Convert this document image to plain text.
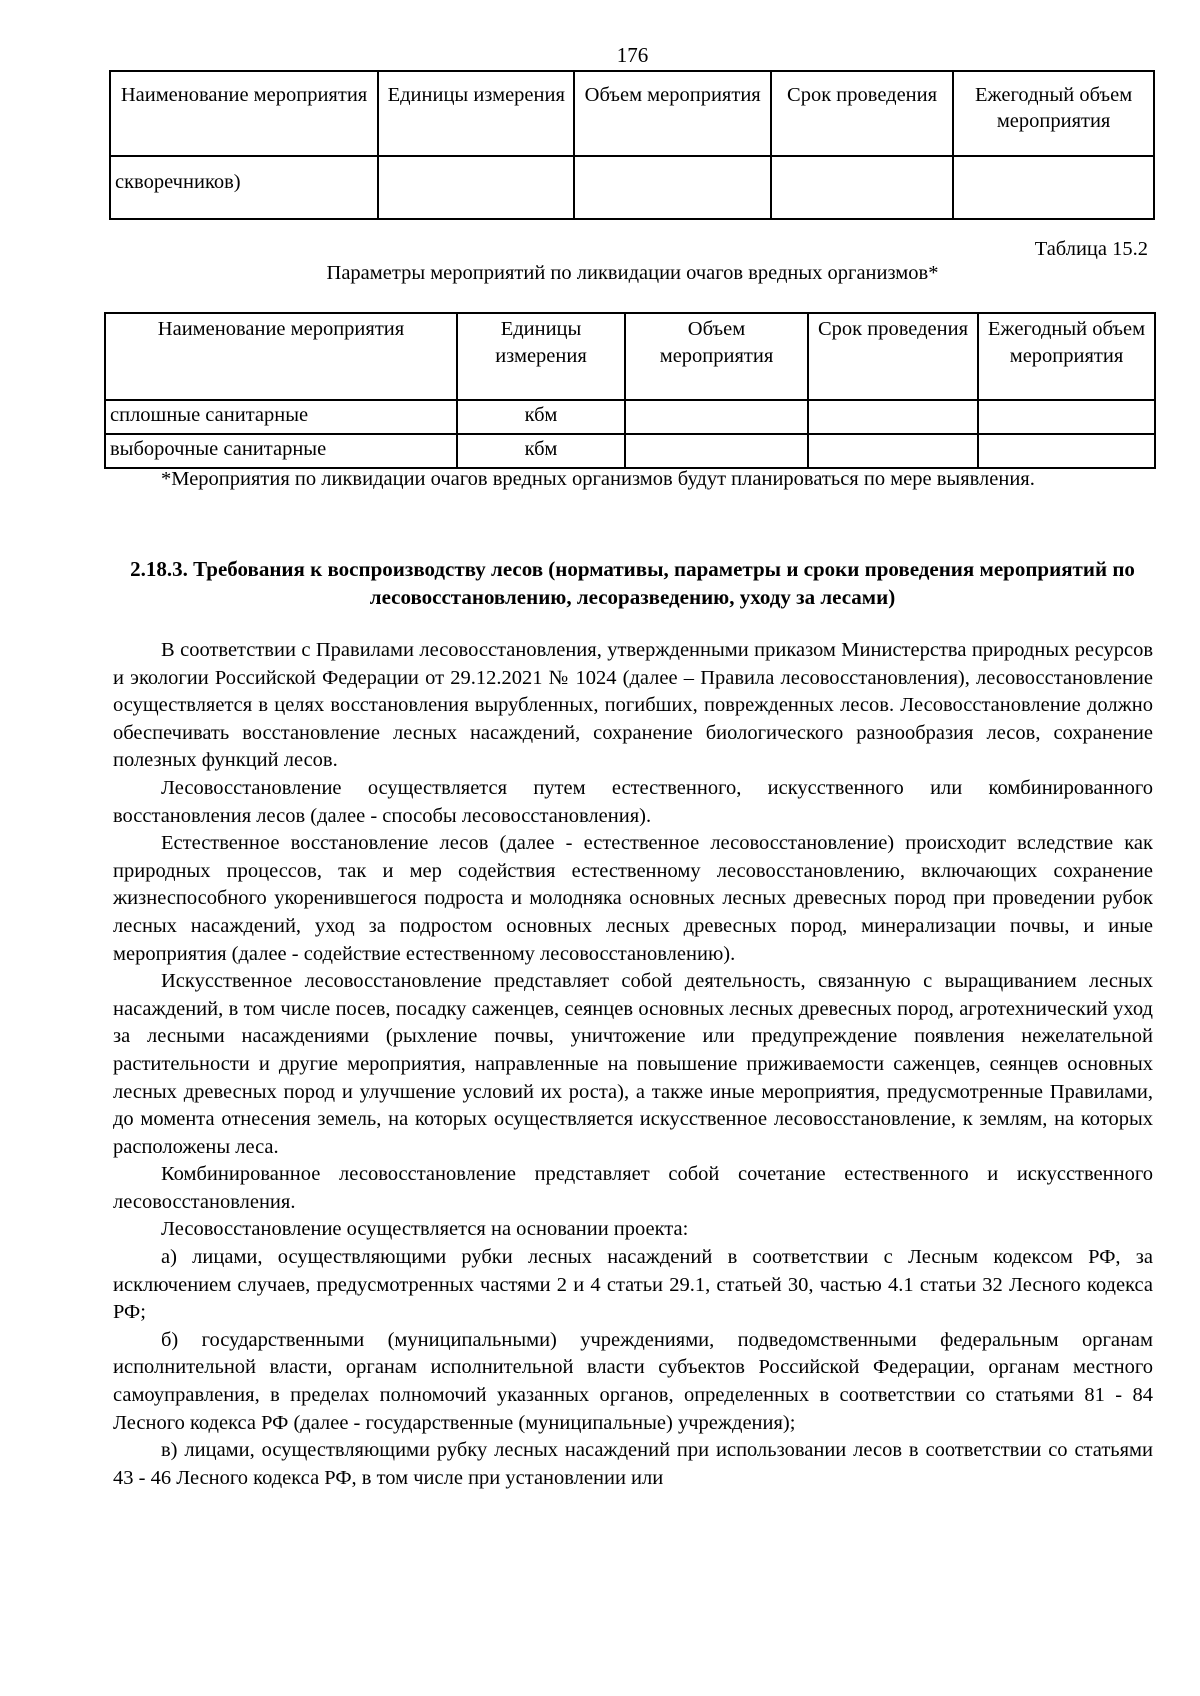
176
Наименование мероприятия	Единицы измерения	Объем мероприятия	Срок проведения	Ежегодный объем мероприятия
скворечников)				
Таблица 15.2
Параметры мероприятий по ликвидации очагов вредных организмов*
Наименование мероприятия	Единицы измерения	Объем мероприятия	Срок проведения	Ежегодный объем мероприятия
сплошные санитарные	кбм			
выборочные санитарные	кбм			
*Мероприятия по ликвидации очагов вредных организмов будут планироваться по мере выявления.
2.18.3. Требования к воспроизводству лесов (нормативы, параметры и сроки проведения мероприятий по лесовосстановлению, лесоразведению, уходу за лесами)

В соответствии с Правилами лесовосстановления, утвержденными приказом Министерства природных ресурсов и экологии Российской Федерации от 29.12.2021 № 1024 (далее – Правила лесовосстановления), лесовосстановление осуществляется в целях восстановления вырубленных, погибших, поврежденных лесов. Лесовосстановление должно обеспечивать восстановление лесных насаждений, сохранение биологического разнообразия лесов, сохранение полезных функций лесов.

Лесовосстановление осуществляется путем естественного, искусственного или комбинированного восстановления лесов (далее - способы лесовосстановления).

Естественное восстановление лесов (далее - естественное лесовосстановление) происходит вследствие как природных процессов, так и мер содействия естественному лесовосстановлению, включающих сохранение жизнеспособного укоренившегося подроста и молодняка основных лесных древесных пород при проведении рубок лесных насаждений, уход за подростом основных лесных древесных пород, минерализации почвы, и иные мероприятия (далее - содействие естественному лесовосстановлению).

Искусственное лесовосстановление представляет собой деятельность, связанную с выращиванием лесных насаждений, в том числе посев, посадку саженцев, сеянцев основных лесных древесных пород, агротехнический уход за лесными насаждениями (рыхление почвы, уничтожение или предупреждение появления нежелательной растительности и другие мероприятия, направленные на повышение приживаемости саженцев, сеянцев основных лесных древесных пород и улучшение условий их роста), а также иные мероприятия, предусмотренные Правилами, до момента отнесения земель, на которых осуществляется искусственное лесовосстановление, к землям, на которых расположены леса.

Комбинированное лесовосстановление представляет собой сочетание естественного и искусственного лесовосстановления.

Лесовосстановление осуществляется на основании проекта:

а) лицами, осуществляющими рубки лесных насаждений в соответствии с Лесным кодексом РФ, за исключением случаев, предусмотренных частями 2 и 4 статьи 29.1, статьей 30, частью 4.1 статьи 32 Лесного кодекса РФ;

б) государственными (муниципальными) учреждениями, подведомственными федеральным органам исполнительной власти, органам исполнительной власти субъектов Российской Федерации, органам местного самоуправления, в пределах полномочий указанных органов, определенных в соответствии со статьями 81 - 84 Лесного кодекса РФ (далее - государственные (муниципальные) учреждения);

в) лицами, осуществляющими рубку лесных насаждений при использовании лесов в соответствии со статьями 43 - 46 Лесного кодекса РФ, в том числе при установлении или
